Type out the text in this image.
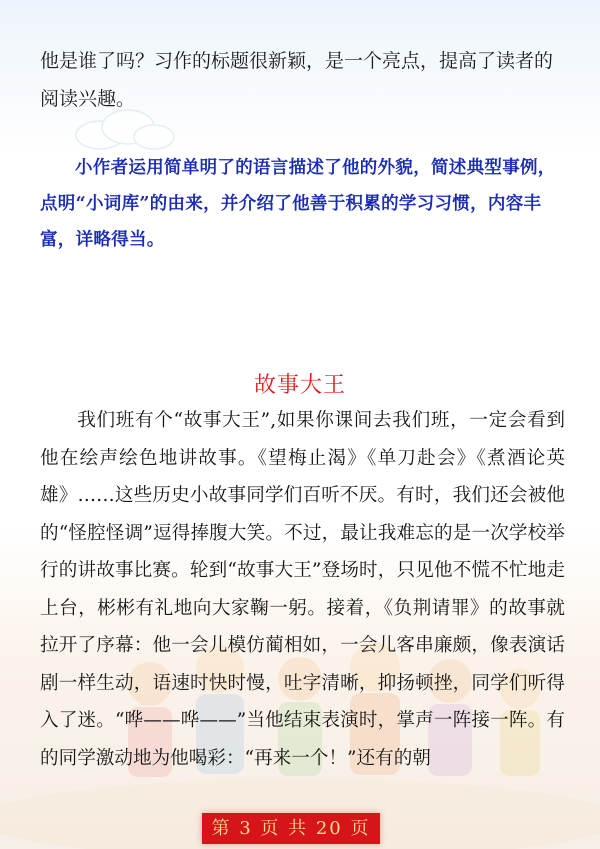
他是谁了吗？习作的标题很新颖，是一个亮点，提高了读者的阅读兴趣。
小作者运用简单明了的语言描述了他的外貌，简述典型事例，点明“小词库”的由来，并介绍了他善于积累的学习习惯，内容丰富，详略得当。
故事大王
我们班有个“故事大王”,如果你课间去我们班，一定会看到他在绘声绘色地讲故事。《望梅止渴》《单刀赴会》《煮酒论英雄》……这些历史小故事同学们百听不厌。有时，我们还会被他的“怪腔怪调”逗得捧腹大笑。不过，最让我难忘的是一次学校举行的讲故事比赛。轮到“故事大王”登场时，只见他不慌不忙地走上台，彬彬有礼地向大家鞠一躬。接着，《负荆请罪》的故事就拉开了序幕：他一会儿模仿蔺相如，一会儿客串廉颇，像表演话剧一样生动，语速时快时慢，吐字清晰，抑扬顿挫，同学们听得入了迷。“哗——哗——”当他结束表演时，掌声一阵接一阵。有的同学激动地为他喝彩：“再来一个！”还有的朝
第 3 页 共 20 页
